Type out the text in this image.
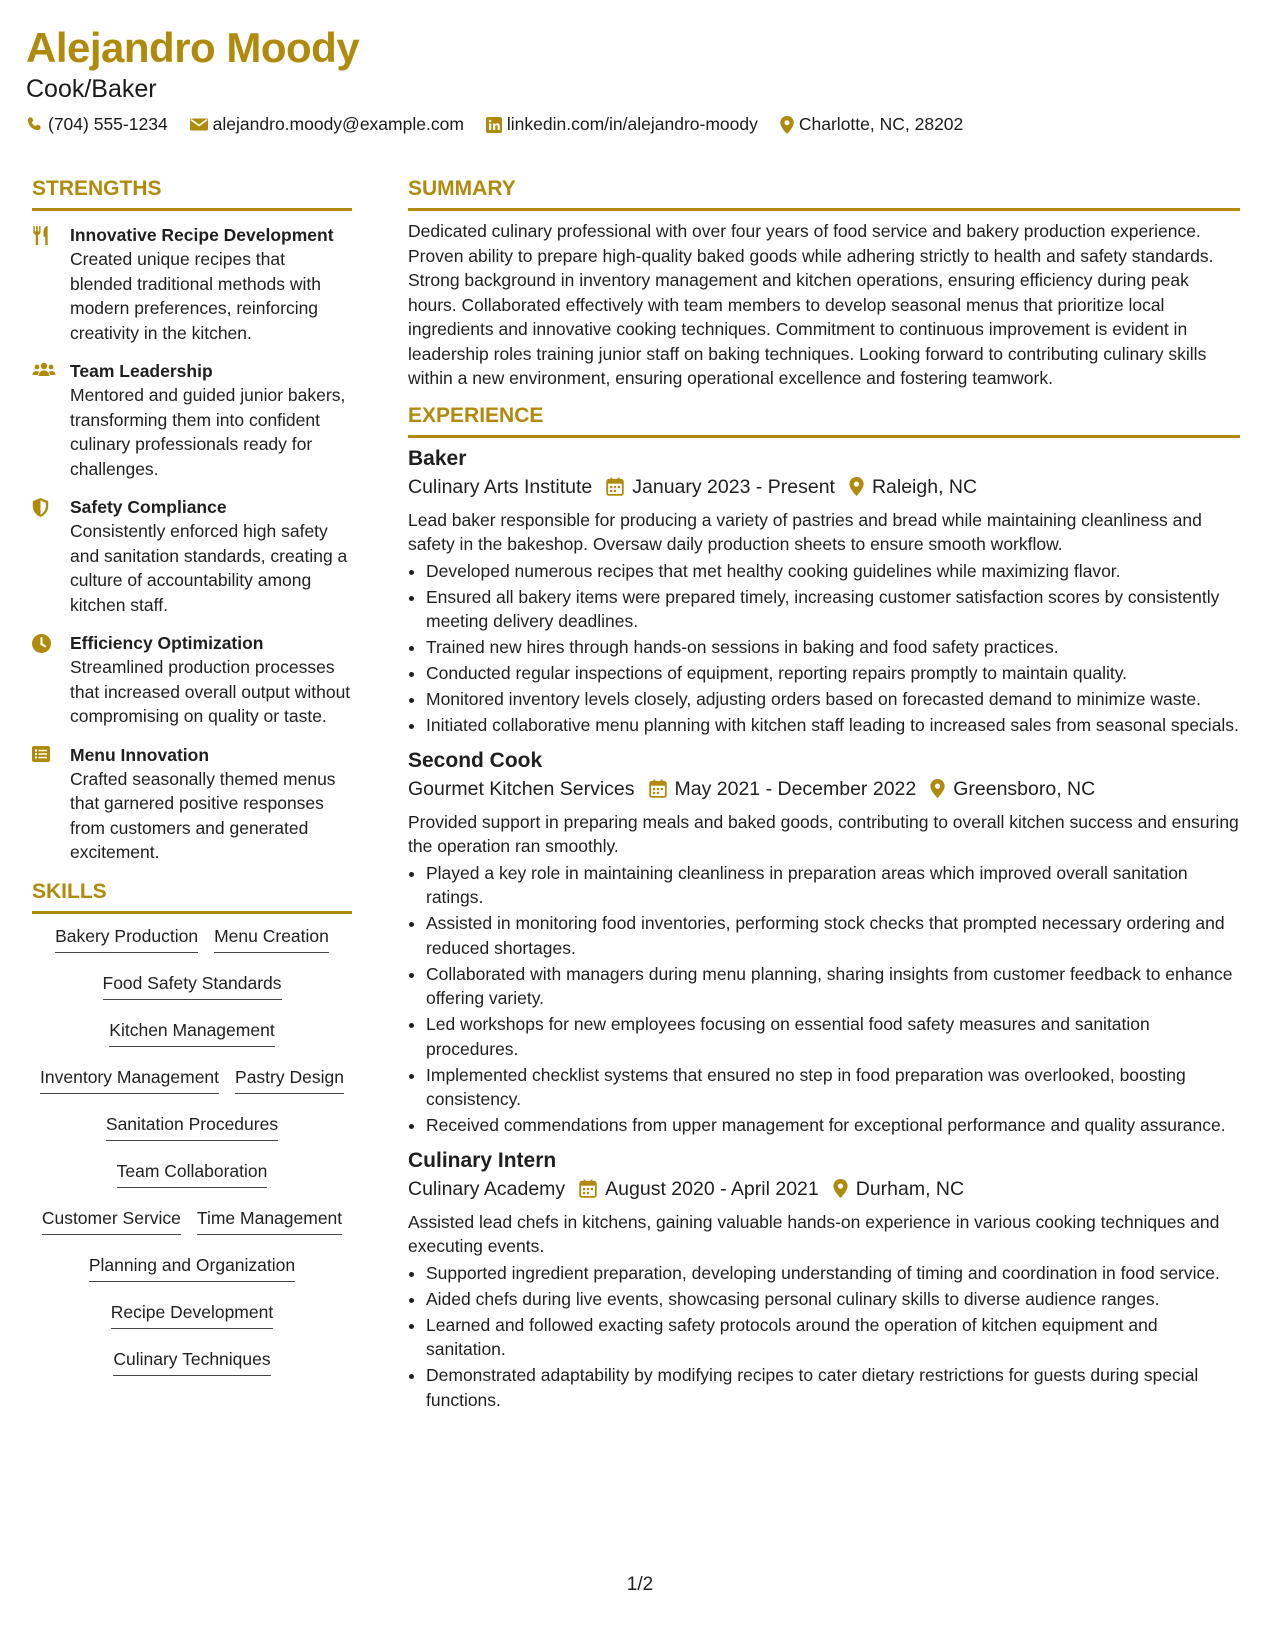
Alejandro Moody
Cook/Baker
(704) 555-1234	alejandro.moody@example.com linkedin.com/in/alejandro-moody Charlotte, NC, 28202
STRENGTHS
Innovative Recipe Development
Created unique recipes that blended traditional methods with modern preferences, reinforcing creativity in the kitchen.
Team Leadership
Mentored and guided junior bakers, transforming them into confident culinary professionals ready for challenges.
Safety Compliance
Consistently enforced high safety and sanitation standards, creating a culture of accountability among kitchen staff.
Efficiency Optimization
Streamlined production processes that increased overall output without compromising on quality or taste.
Menu Innovation
Crafted seasonally themed menus that garnered positive responses from customers and generated excitement.
SKILLS
Bakery Production Menu Creation
Food Safety Standards
Kitchen Management
Inventory Management Pastry Design
Sanitation Procedures
Team Collaboration
Customer Service Time Management
Planning and Organization
Recipe Development
Culinary Techniques
SUMMARY
Dedicated culinary professional with over four years of food service and bakery production experience. Proven ability to prepare high-quality baked goods while adhering strictly to health and safety standards. Strong background in inventory management and kitchen operations, ensuring efficiency during peak hours. Collaborated effectively with team members to develop seasonal menus that prioritize local ingredients and innovative cooking techniques. Commitment to continuous improvement is evident in leadership roles training junior staff on baking techniques. Looking forward to contributing culinary skills within a new environment, ensuring operational excellence and fostering teamwork.
EXPERIENCE
Baker
Culinary Arts Institute January 2023 - Present Raleigh, NC
Lead baker responsible for producing a variety of pastries and bread while maintaining cleanliness and safety in the bakeshop. Oversaw daily production sheets to ensure smooth workflow.
• Developed numerous recipes that met healthy cooking guidelines while maximizing flavor.
• Ensured all bakery items were prepared timely, increasing customer satisfaction scores by consistently meeting delivery deadlines.
• Trained new hires through hands-on sessions in baking and food safety practices.
• Conducted regular inspections of equipment, reporting repairs promptly to maintain quality.
• Monitored inventory levels closely, adjusting orders based on forecasted demand to minimize waste.
• Initiated collaborative menu planning with kitchen staff leading to increased sales from seasonal specials.
Second Cook
Gourmet Kitchen Services May 2021 - December 2022 Greensboro, NC
Provided support in preparing meals and baked goods, contributing to overall kitchen success and ensuring the operation ran smoothly.
• Played a key role in maintaining cleanliness in preparation areas which improved overall sanitation ratings.
• Assisted in monitoring food inventories, performing stock checks that prompted necessary ordering and reduced shortages.
• Collaborated with managers during menu planning, sharing insights from customer feedback to enhance offering variety.
• Led workshops for new employees focusing on essential food safety measures and sanitation procedures.
• Implemented checklist systems that ensured no step in food preparation was overlooked, boosting consistency.
• Received commendations from upper management for exceptional performance and quality assurance.
Culinary Intern
Culinary Academy August 2020 - April 2021 Durham, NC
Assisted lead chefs in kitchens, gaining valuable hands-on experience in various cooking techniques and executing events.
• Supported ingredient preparation, developing understanding of timing and coordination in food service.
• Aided chefs during live events, showcasing personal culinary skills to diverse audience ranges.
• Learned and followed exacting safety protocols around the operation of kitchen equipment and sanitation.
• Demonstrated adaptability by modifying recipes to cater dietary restrictions for guests during special functions.
1/2
